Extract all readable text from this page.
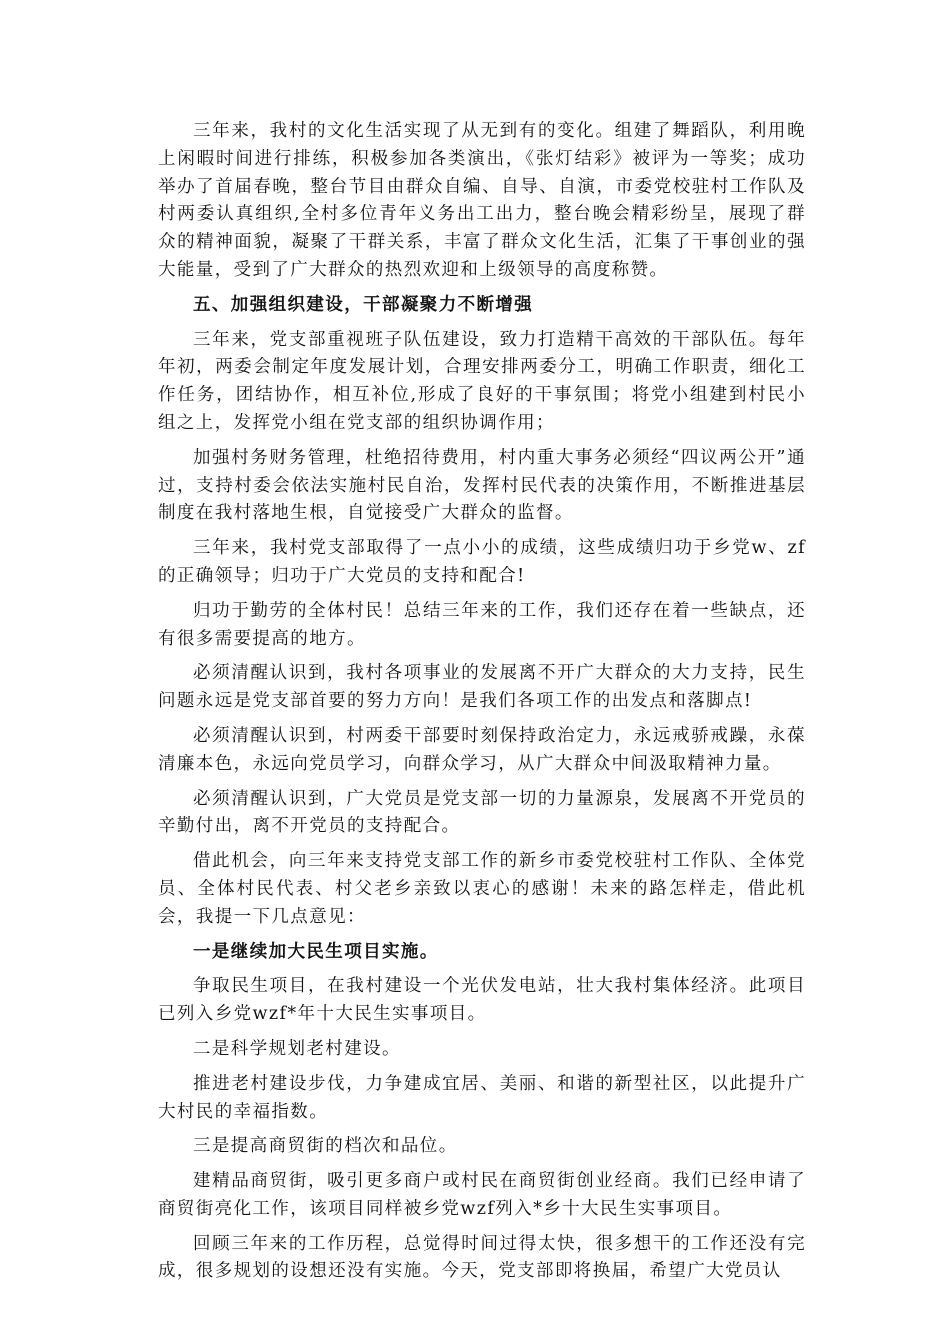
三年来，我村的文化生活实现了从无到有的变化。组建了舞蹈队，利用晚上闲暇时间进行排练，积极参加各类演出，《张灯结彩》被评为一等奖；成功举办了首届春晚，整台节目由群众自编、自导、自演，市委党校驻村工作队及村两委认真组织,全村多位青年义务出工出力，整台晚会精彩纷呈，展现了群众的精神面貌，凝聚了干群关系，丰富了群众文化生活，汇集了干事创业的强大能量，受到了广大群众的热烈欢迎和上级领导的高度称赞。

五、加强组织建设，干部凝聚力不断增强

三年来，党支部重视班子队伍建设，致力打造精干高效的干部队伍。每年年初，两委会制定年度发展计划，合理安排两委分工，明确工作职责，细化工作任务，团结协作，相互补位,形成了良好的干事氛围；将党小组建到村民小组之上，发挥党小组在党支部的组织协调作用；

加强村务财务管理，杜绝招待费用，村内重大事务必须经“四议两公开”通过，支持村委会依法实施村民自治，发挥村民代表的决策作用，不断推进基层制度在我村落地生根，自觉接受广大群众的监督。

三年来，我村党支部取得了一点小小的成绩，这些成绩归功于乡党w、zf的正确领导；归功于广大党员的支持和配合!

归功于勤劳的全体村民！总结三年来的工作，我们还存在着一些缺点，还有很多需要提高的地方。

必须清醒认识到，我村各项事业的发展离不开广大群众的大力支持，民生问题永远是党支部首要的努力方向！是我们各项工作的出发点和落脚点!

必须清醒认识到，村两委干部要时刻保持政治定力，永远戒骄戒躁，永葆清廉本色，永远向党员学习，向群众学习，从广大群众中间汲取精神力量。

必须清醒认识到，广大党员是党支部一切的力量源泉，发展离不开党员的辛勤付出，离不开党员的支持配合。

借此机会，向三年来支持党支部工作的新乡市委党校驻村工作队、全体党员、全体村民代表、村父老乡亲致以衷心的感谢！未来的路怎样走，借此机会，我提一下几点意见：

一是继续加大民生项目实施。

争取民生项目，在我村建设一个光伏发电站，壮大我村集体经济。此项目已列入乡党wzf*年十大民生实事项目。

二是科学规划老村建设。

推进老村建设步伐，力争建成宜居、美丽、和谐的新型社区，以此提升广大村民的幸福指数。

三是提高商贸街的档次和品位。

建精品商贸街，吸引更多商户或村民在商贸街创业经商。我们已经申请了商贸街亮化工作，该项目同样被乡党wzf列入*乡十大民生实事项目。

回顾三年来的工作历程，总觉得时间过得太快，很多想干的工作还没有完成，很多规划的设想还没有实施。今天，党支部即将换届，希望广大党员认
